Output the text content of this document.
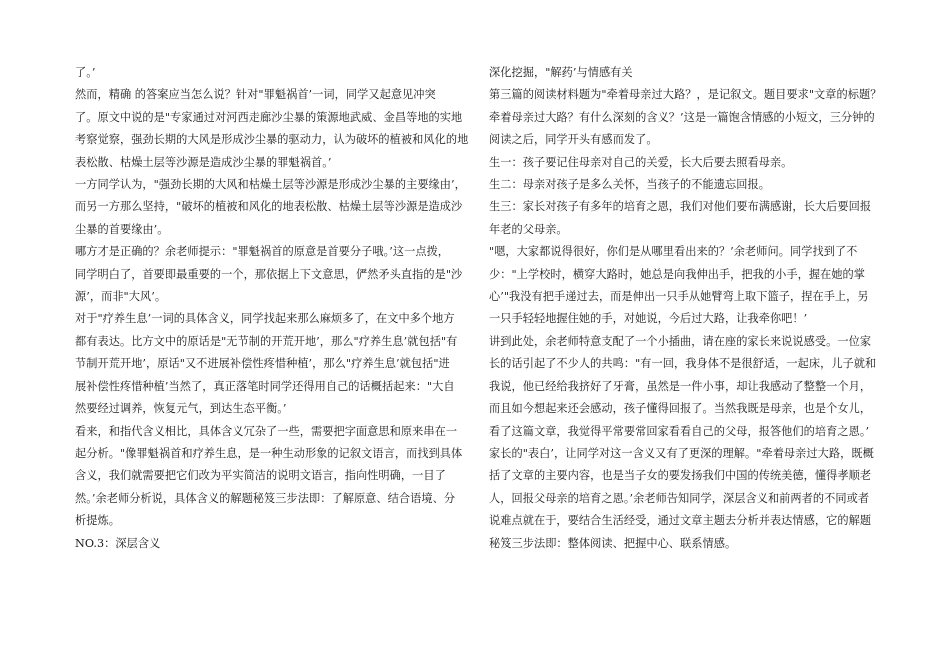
了。’
然而，精确 的答案应当怎么说？针对"罪魁祸首’一词，同学又起意见冲突
了。原文中说的是"专家通过对河西走廊沙尘暴的策源地武威、金昌等地的实地
考察觉察，强劲长期的大风是形成沙尘暴的驱动力，认为破坏的植被和风化的地
表松散、枯燥土层等沙源是造成沙尘暴的罪魁祸首。’
一方同学认为，"强劲长期的大风和枯燥土层等沙源是形成沙尘暴的主要缘由’，
而另一方那么坚持，"破坏的植被和风化的地表松散、枯燥土层等沙源是造成沙
尘暴的首要缘由’。
哪方才是正确的？余老师提示："罪魁祸首的原意是首要分子哦。’这一点拨，
同学明白了，首要即最重要的一个，那依据上下文意思，俨然矛头直指的是"沙
源’，而非"大风’。
对于"疗养生息’一词的具体含义，同学找起来那么麻烦多了，在文中多个地方
都有表达。比方文中的原话是"无节制的开荒开地’，那么"疗养生息’就包括"有
节制开荒开地’，原话"又不进展补偿性疼惜种植’，那么"疗养生息’就包括"进
展补偿性疼惜种植’当然了，真正落笔时同学还得用自己的话概括起来："大自
然要经过调养，恢复元气，到达生态平衡。’
看来，和指代含义相比，具体含义冗杂了一些，需要把字面意思和原来串在一
起分析。"像罪魁祸首和疗养生息，是一种生动形象的记叙文语言，而找到具体
含义，我们就需要把它们改为平实简洁的说明文语言，指向性明确，一目了
然。’余老师分析说，具体含义的解题秘笈三步法即：了解原意、结合语境、分
析提炼。
NO.3：深层含义

深化挖掘，"解药’与情感有关
第三篇的阅读材料题为"牵着母亲过大路？，是记叙文。题目要求"文章的标题？
牵着母亲过大路？有什么深刻的含义？’这是一篇饱含情感的小短文，三分钟的
阅读之后，同学开头有感而发了。
生一：孩子要记住母亲对自己的关爱，长大后要去照看母亲。
生二：母亲对孩子是多么关怀，当孩子的不能遗忘回报。
生三：家长对孩子有多年的培育之恩，我们对他们要布满感谢，长大后要回报
年老的父母亲。
"嗯，大家都说得很好，你们是从哪里看出来的？’余老师问。同学找到了不
少："上学校时，横穿大路时，她总是向我伸出手，把我的小手，握在她的掌
心’"我没有把手递过去，而是伸出一只手从她臂弯上取下篮子，捏在手上，另
一只手轻轻地握住她的手，对她说，今后过大路，让我牵你吧！’
讲到此处，余老师特意支配了一个小插曲，请在座的家长来说说感受。一位家
长的话引起了不少人的共鸣："有一回，我身体不是很舒适，一起床，儿子就和
我说，他已经给我挤好了牙膏，虽然是一件小事，却让我感动了整整一个月，
而且如今想起来还会感动，孩子懂得回报了。当然我既是母亲，也是个女儿，
看了这篇文章，我觉得平常要常回家看看自己的父母，报答他们的培育之恩。’
家长的"表白’，让同学对这一含义又有了更深的理解。"牵着母亲过大路，既概
括了文章的主要内容，也是当子女的要发扬我们中国的传统美德，懂得孝顺老
人，回报父母亲的培育之恩。’余老师告知同学，深层含义和前两者的不同或者
说难点就在于，要结合生活经受，通过文章主题去分析并表达情感，它的解题
秘笈三步法即：整体阅读、把握中心、联系情感。
